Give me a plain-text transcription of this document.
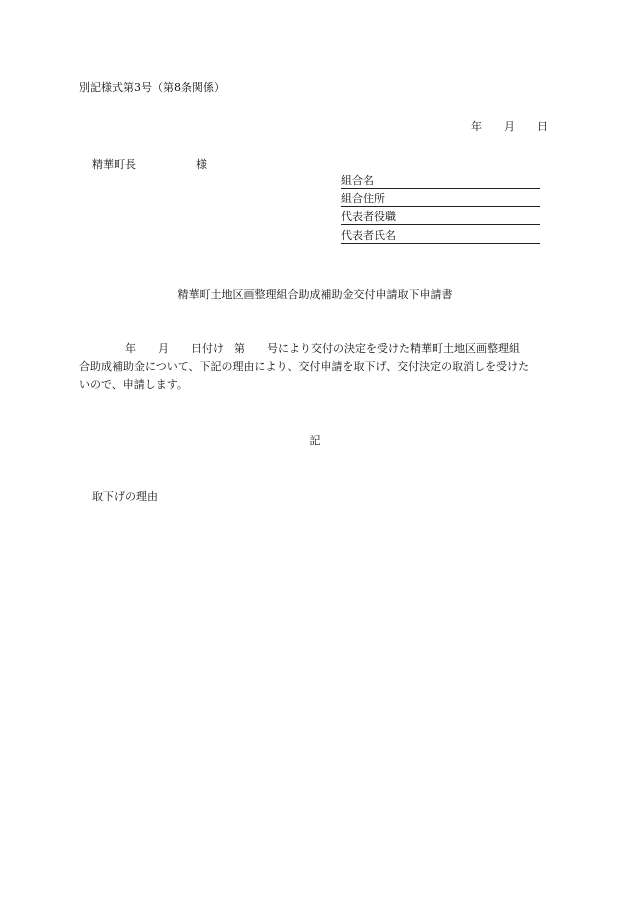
別記様式第3号（第8条関係）
年 月 日
精華町長	様
組合名
組合住所
代表者役職
代表者氏名
精華町土地区画整理組合助成補助金交付申請取下申請書
年 月 日付け 第 号により交付の決定を受けた精華町土地区画整理組
合助成補助金について、下記の理由により、交付申請を取下げ、交付決定の取消しを受けた
いので、申請します。
記
取下げの理由
